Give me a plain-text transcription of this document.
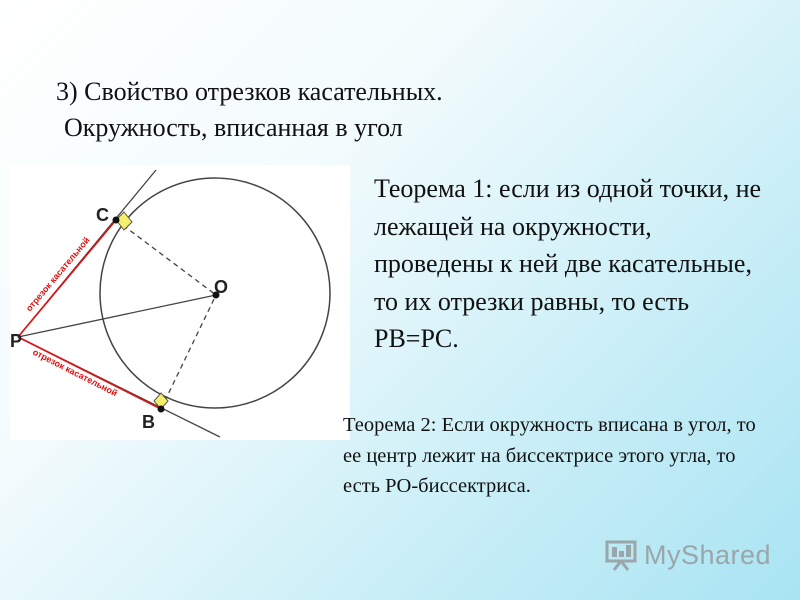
3) Свойство отрезков касательных.
Окружность, вписанная в угол
C
O
P
B
отрезок касательной
отрезок касательной
Теорема 1: если из одной точки, не лежащей на окружности, проведены к ней две касательные, то их отрезки равны, то есть PB=PC.
Теорема 2: Если окружность вписана в угол, то ее центр лежит на биссектрисе этого угла, то есть PO-биссектриса.
MyShared
